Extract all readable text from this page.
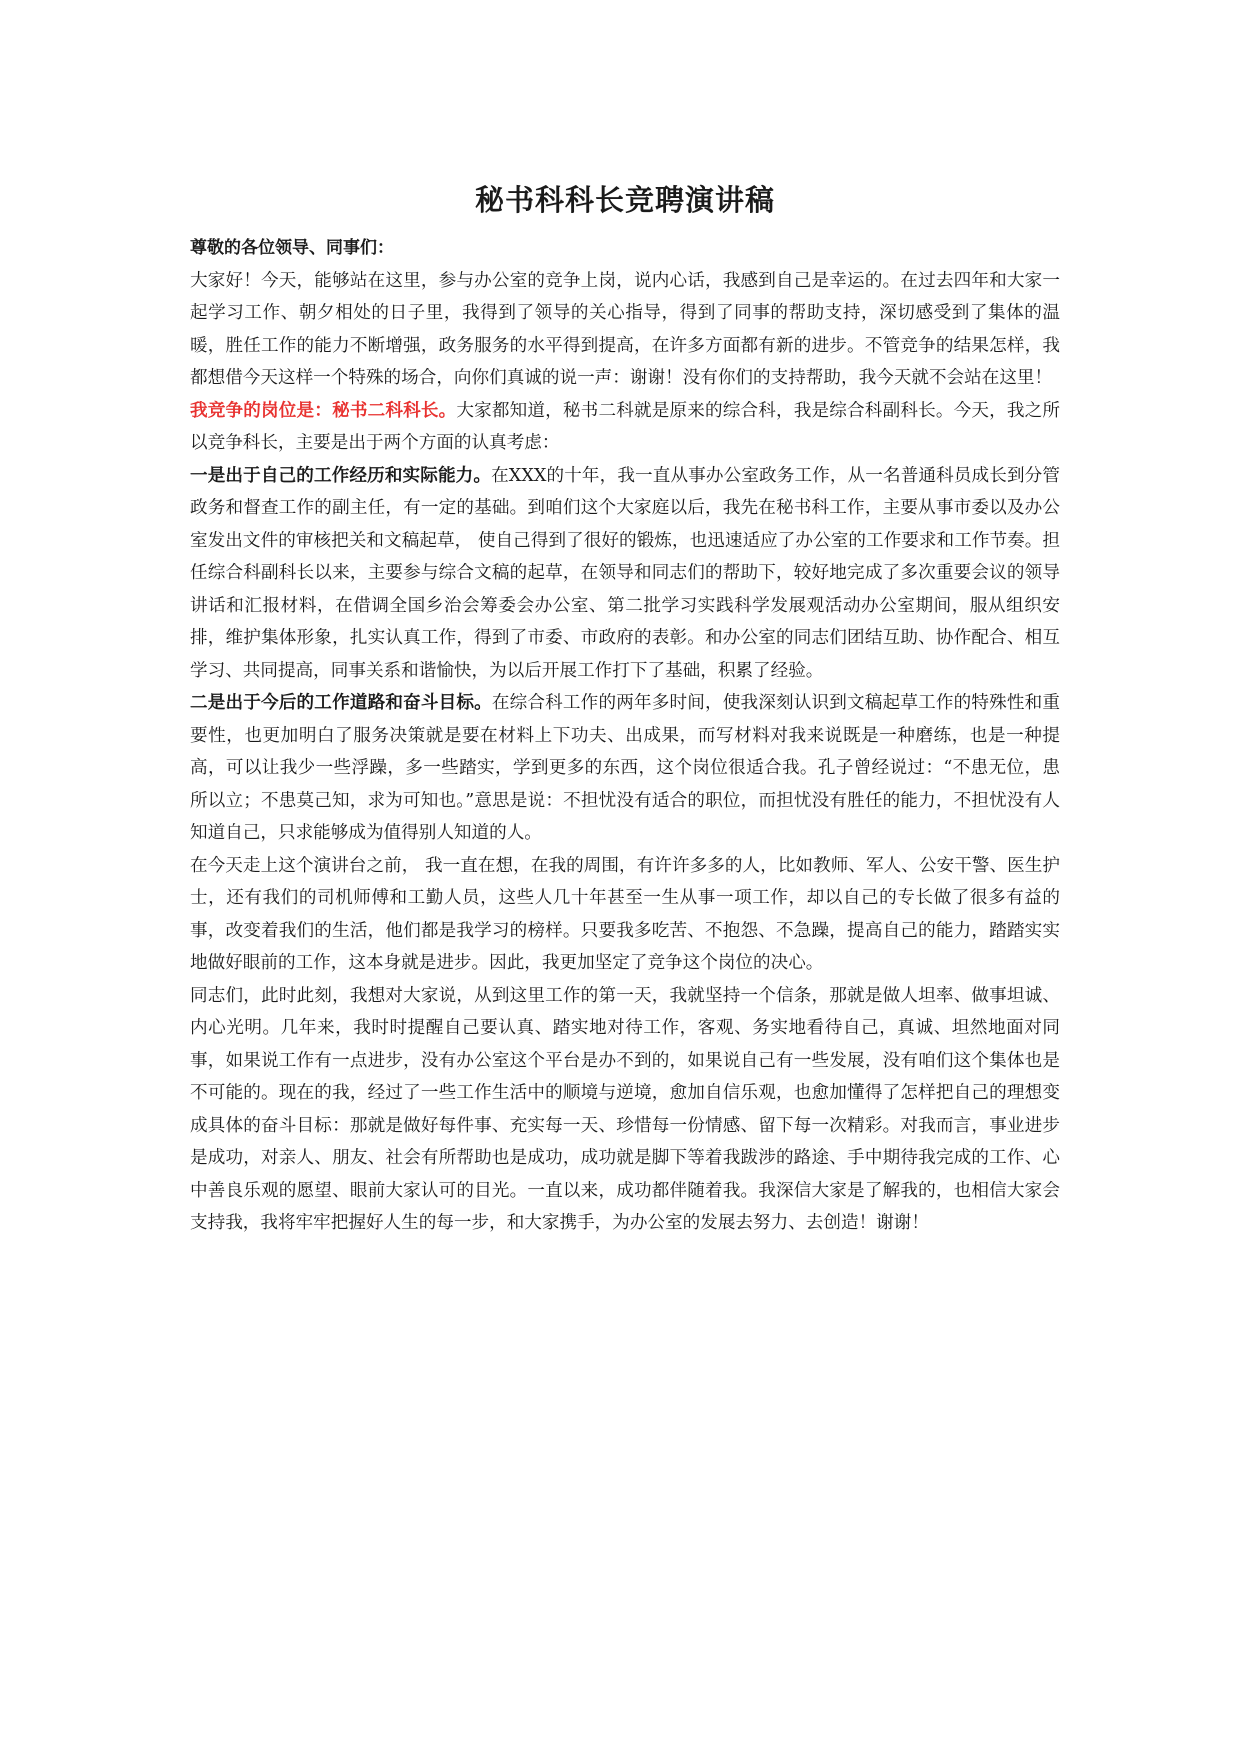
秘书科科长竞聘演讲稿

尊敬的各位领导、同事们：

大家好！今天，能够站在这里，参与办公室的竞争上岗，说内心话，我感到自己是幸运的。在过去四年和大家一起学习工作、朝夕相处的日子里，我得到了领导的关心指导，得到了同事的帮助支持，深切感受到了集体的温暖，胜任工作的能力不断增强，政务服务的水平得到提高，在许多方面都有新的进步。不管竞争的结果怎样，我都想借今天这样一个特殊的场合，向你们真诚的说一声：谢谢！没有你们的支持帮助，我今天就不会站在这里！

我竞争的岗位是：秘书二科科长。大家都知道，秘书二科就是原来的综合科，我是综合科副科长。今天，我之所以竞争科长，主要是出于两个方面的认真考虑：

一是出于自己的工作经历和实际能力。在XXX的十年，我一直从事办公室政务工作，从一名普通科员成长到分管政务和督查工作的副主任，有一定的基础。到咱们这个大家庭以后，我先在秘书科工作，主要从事市委以及办公室发出文件的审核把关和文稿起草， 使自己得到了很好的锻炼，也迅速适应了办公室的工作要求和工作节奏。担任综合科副科长以来，主要参与综合文稿的起草，在领导和同志们的帮助下，较好地完成了多次重要会议的领导讲话和汇报材料，在借调全国乡治会筹委会办公室、第二批学习实践科学发展观活动办公室期间，服从组织安排，维护集体形象，扎实认真工作，得到了市委、市政府的表彰。和办公室的同志们团结互助、协作配合、相互学习、共同提高，同事关系和谐愉快，为以后开展工作打下了基础，积累了经验。

二是出于今后的工作道路和奋斗目标。在综合科工作的两年多时间，使我深刻认识到文稿起草工作的特殊性和重要性，也更加明白了服务决策就是要在材料上下功夫、出成果，而写材料对我来说既是一种磨练，也是一种提高，可以让我少一些浮躁，多一些踏实，学到更多的东西，这个岗位很适合我。孔子曾经说过：“不患无位，患所以立；不患莫己知，求为可知也。”意思是说：不担忧没有适合的职位，而担忧没有胜任的能力，不担忧没有人知道自己，只求能够成为值得别人知道的人。

在今天走上这个演讲台之前， 我一直在想，在我的周围，有许许多多的人，比如教师、军人、公安干警、医生护士，还有我们的司机师傅和工勤人员，这些人几十年甚至一生从事一项工作，却以自己的专长做了很多有益的事，改变着我们的生活，他们都是我学习的榜样。只要我多吃苦、不抱怨、不急躁，提高自己的能力，踏踏实实地做好眼前的工作，这本身就是进步。因此，我更加坚定了竞争这个岗位的决心。

同志们，此时此刻，我想对大家说，从到这里工作的第一天，我就坚持一个信条，那就是做人坦率、做事坦诚、内心光明。几年来，我时时提醒自己要认真、踏实地对待工作，客观、务实地看待自己，真诚、坦然地面对同事，如果说工作有一点进步，没有办公室这个平台是办不到的，如果说自己有一些发展，没有咱们这个集体也是不可能的。现在的我，经过了一些工作生活中的顺境与逆境，愈加自信乐观，也愈加懂得了怎样把自己的理想变成具体的奋斗目标：那就是做好每件事、充实每一天、珍惜每一份情感、留下每一次精彩。对我而言，事业进步是成功，对亲人、朋友、社会有所帮助也是成功，成功就是脚下等着我跋涉的路途、手中期待我完成的工作、心中善良乐观的愿望、眼前大家认可的目光。一直以来，成功都伴随着我。我深信大家是了解我的，也相信大家会支持我，我将牢牢把握好人生的每一步，和大家携手，为办公室的发展去努力、去创造！谢谢！
